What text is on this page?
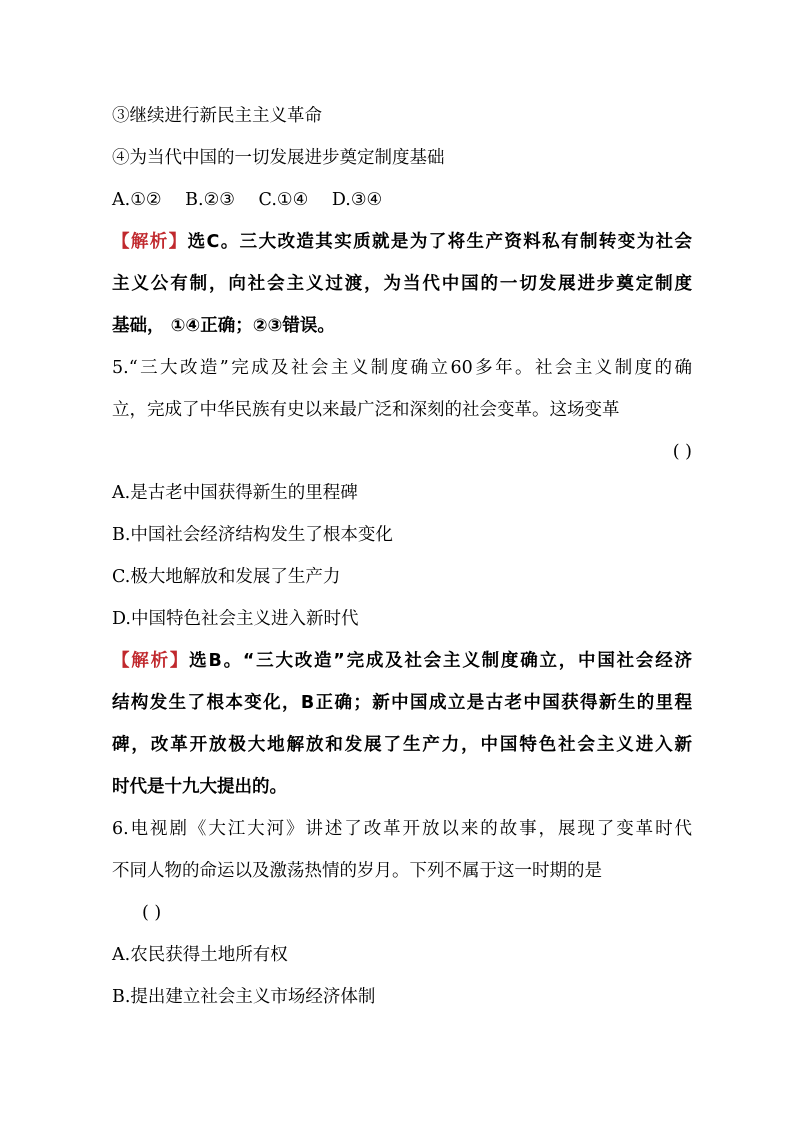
③继续进行新民主主义革命
④为当代中国的一切发展进步奠定制度基础
A.①② B.②③ C.①④ D.③④
【解析】选C。三大改造其实质就是为了将生产资料私有制转变为社会
主义公有制，向社会主义过渡，为当代中国的一切发展进步奠定制度
基础， ①④正确；②③错误。
5.“三大改造”完成及社会主义制度确立60多年。社会主义制度的确
立，完成了中华民族有史以来最广泛和深刻的社会变革。这场变革
( )
A.是古老中国获得新生的里程碑
B.中国社会经济结构发生了根本变化
C.极大地解放和发展了生产力
D.中国特色社会主义进入新时代
【解析】选B。“三大改造”完成及社会主义制度确立，中国社会经济
结构发生了根本变化，B正确；新中国成立是古老中国获得新生的里程
碑，改革开放极大地解放和发展了生产力，中国特色社会主义进入新
时代是十九大提出的。
6.电视剧《大江大河》讲述了改革开放以来的故事，展现了变革时代
不同人物的命运以及激荡热情的岁月。下列不属于这一时期的是
( )
A.农民获得土地所有权
B.提出建立社会主义市场经济体制
